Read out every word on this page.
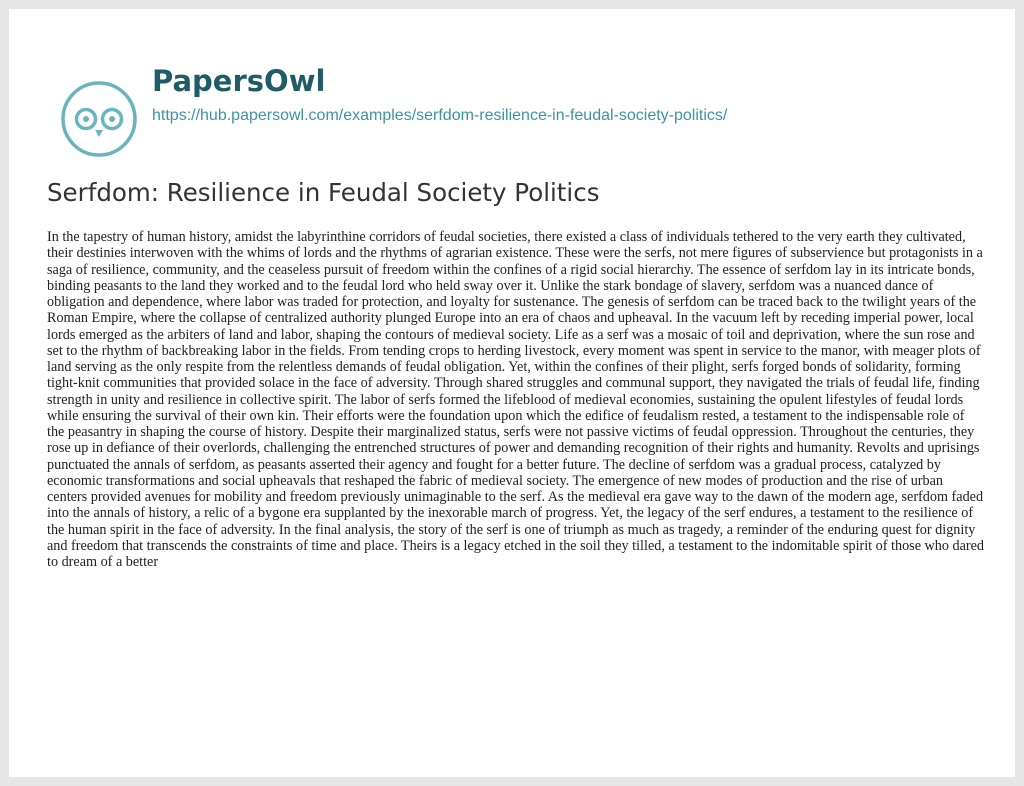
PapersOwl
https://hub.papersowl.com/examples/serfdom-resilience-in-feudal-society-politics/
Serfdom: Resilience in Feudal Society Politics

In the tapestry of human history, amidst the labyrinthine corridors of feudal societies, there existed a class of individuals tethered to the very earth they cultivated, their destinies interwoven with the whims of lords and the rhythms of agrarian existence. These were the serfs, not mere figures of subservience but protagonists in a saga of resilience, community, and the ceaseless pursuit of freedom within the confines of a rigid social hierarchy. The essence of serfdom lay in its intricate bonds, binding peasants to the land they worked and to the feudal lord who held sway over it. Unlike the stark bondage of slavery, serfdom was a nuanced dance of obligation and dependence, where labor was traded for protection, and loyalty for sustenance. The genesis of serfdom can be traced back to the twilight years of the Roman Empire, where the collapse of centralized authority plunged Europe into an era of chaos and upheaval. In the vacuum left by receding imperial power, local lords emerged as the arbiters of land and labor, shaping the contours of medieval society. Life as a serf was a mosaic of toil and deprivation, where the sun rose and set to the rhythm of backbreaking labor in the fields. From tending crops to herding livestock, every moment was spent in service to the manor, with meager plots of land serving as the only respite from the relentless demands of feudal obligation. Yet, within the confines of their plight, serfs forged bonds of solidarity, forming tight-knit communities that provided solace in the face of adversity. Through shared struggles and communal support, they navigated the trials of feudal life, finding strength in unity and resilience in collective spirit. The labor of serfs formed the lifeblood of medieval economies, sustaining the opulent lifestyles of feudal lords while ensuring the survival of their own kin. Their efforts were the foundation upon which the edifice of feudalism rested, a testament to the indispensable role of the peasantry in shaping the course of history. Despite their marginalized status, serfs were not passive victims of feudal oppression. Throughout the centuries, they rose up in defiance of their overlords, challenging the entrenched structures of power and demanding recognition of their rights and humanity. Revolts and uprisings punctuated the annals of serfdom, as peasants asserted their agency and fought for a better future. The decline of serfdom was a gradual process, catalyzed by economic transformations and social upheavals that reshaped the fabric of medieval society. The emergence of new modes of production and the rise of urban centers provided avenues for mobility and freedom previously unimaginable to the serf. As the medieval era gave way to the dawn of the modern age, serfdom faded into the annals of history, a relic of a bygone era supplanted by the inexorable march of progress. Yet, the legacy of the serf endures, a testament to the resilience of the human spirit in the face of adversity. In the final analysis, the story of the serf is one of triumph as much as tragedy, a reminder of the enduring quest for dignity and freedom that transcends the constraints of time and place. Theirs is a legacy etched in the soil they tilled, a testament to the indomitable spirit of those who dared to dream of a better
